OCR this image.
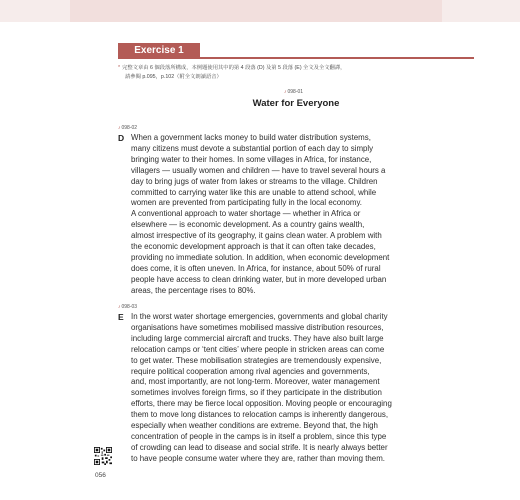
Exercise 1
* 完整文章由 6 個段落所構成，本例題使用其中的第 4 段落 (D) 及第 5 段落 (E) 全文及全文翻譯，
請參閱 p.095，p.102（附全文朗讀語音）
♪098-01
Water for Everyone
♪098-02
D When a government lacks money to build water distribution systems,
many citizens must devote a substantial portion of each day to simply
bringing water to their homes. In some villages in Africa, for instance,
villagers — usually women and children — have to travel several hours a
day to bring jugs of water from lakes or streams to the village. Children
committed to carrying water like this are unable to attend school, while
women are prevented from participating fully in the local economy.
A conventional approach to water shortage — whether in Africa or
elsewhere — is economic development. As a country gains wealth,
almost irrespective of its geography, it gains clean water. A problem with
the economic development approach is that it can often take decades,
providing no immediate solution. In addition, when economic development
does come, it is often uneven. In Africa, for instance, about 50% of rural
people have access to clean drinking water, but in more developed urban
areas, the percentage rises to 80%.
♪098-03
E In the worst water shortage emergencies, governments and global charity
organisations have sometimes mobilised massive distribution resources,
including large commercial aircraft and trucks. They have also built large
relocation camps or ‘tent cities’ where people in stricken areas can come
to get water. These mobilisation strategies are tremendously expensive,
require political cooperation among rival agencies and governments,
and, most importantly, are not long-term. Moreover, water management
sometimes involves foreign firms, so if they participate in the distribution
efforts, there may be fierce local opposition. Moving people or encouraging
them to move long distances to relocation camps is inherently dangerous,
especially when weather conditions are extreme. Beyond that, the high
concentration of people in the camps is in itself a problem, since this type
of crowding can lead to disease and social strife. It is nearly always better
to have people consume water where they are, rather than moving them.
056
